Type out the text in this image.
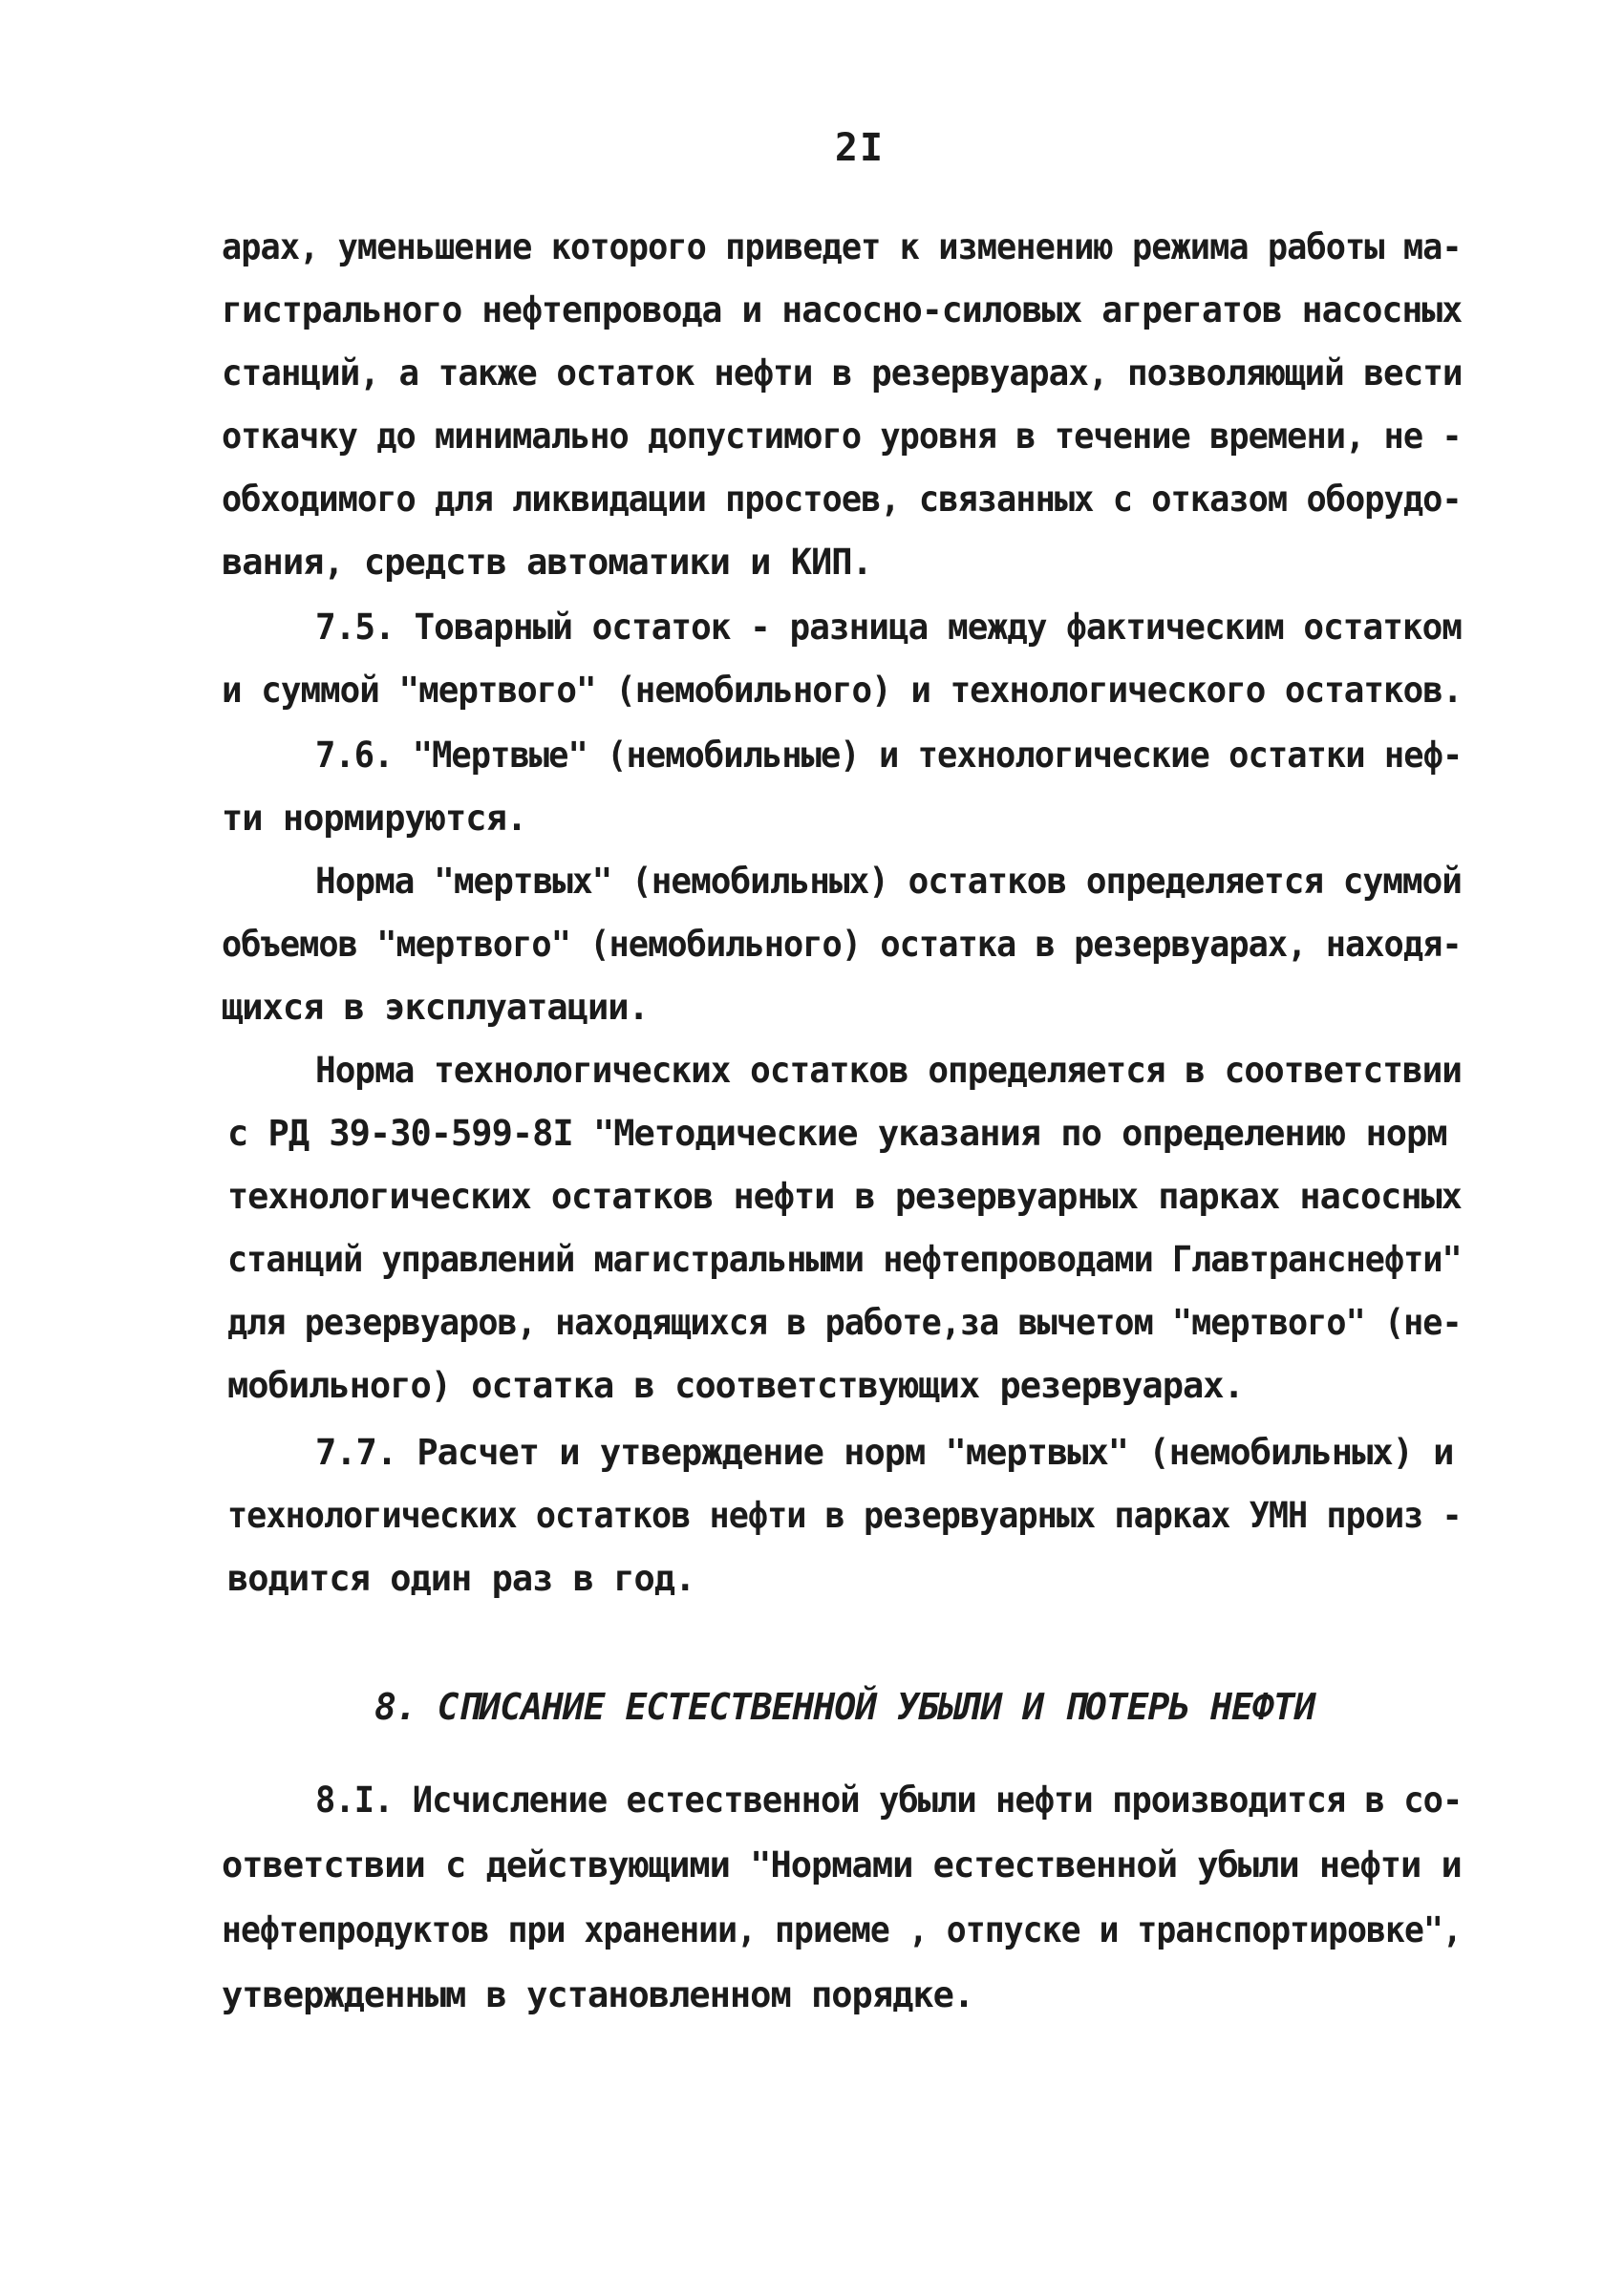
2I
арах, уменьшение которого приведет к изменению режима работы ма-
гистрального нефтепровода и насосно-силовых агрегатов насосных
станций, а также остаток нефти в резервуарах, позволяющий вести
откачку до минимально допустимого уровня в течение времени, не -
обходимого для ликвидации простоев, связанных с отказом оборудо-
вания, средств автоматики и КИП.
7.5. Товарный остаток - разница между фактическим остатком
и суммой "мертвого" (немобильного) и технологического остатков.
7.6. "Мертвые" (немобильные) и технологические остатки неф-
ти нормируются.
Норма "мертвых" (немобильных) остатков определяется суммой
объемов "мертвого" (немобильного) остатка в резервуарах, находя-
щихся в эксплуатации.
Норма технологических остатков определяется в соответствии
с РД 39-30-599-8I "Методические указания по определению норм
технологических остатков нефти в резервуарных парках насосных
станций управлений магистральными нефтепроводами Главтранснефти"
для резервуаров, находящихся в работе,за вычетом "мертвого" (не-
мобильного) остатка в соответствующих резервуарах.
7.7. Расчет и утверждение норм "мертвых" (немобильных) и
технологических остатков нефти в резервуарных парках УМН произ -
водится один раз в год.
8. СПИСАНИЕ ЕСТЕСТВЕННОЙ УБЫЛИ И ПОТЕРЬ НЕФТИ
8.I. Исчисление естественной убыли нефти производится в со-
ответствии с действующими "Нормами естественной убыли нефти и
нефтепродуктов при хранении, приеме , отпуске и транспортировке",
утвержденным в установленном порядке.
